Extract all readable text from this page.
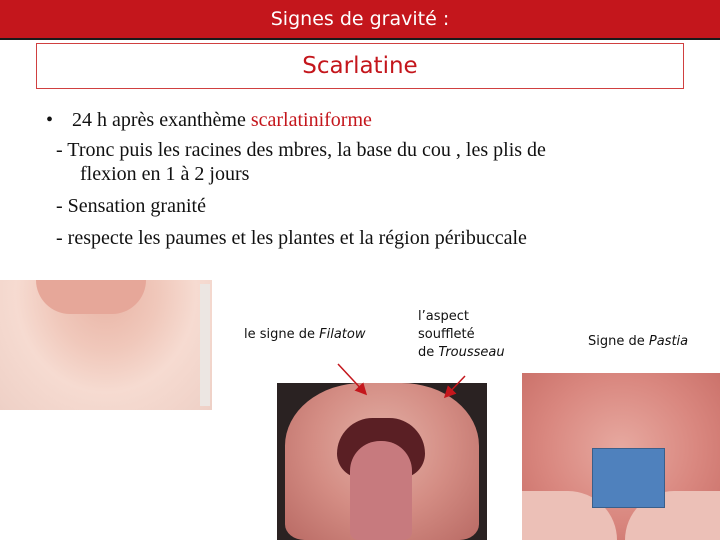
Signes de gravité :
Scarlatine
• 24 h après exanthème scarlatiniforme
- Tronc puis les racines des mbres, la base du cou , les plis de
flexion en 1 à 2 jours
- Sensation granité
- respecte les paumes et les plantes et la région péribuccale
le signe de Filatow
l’aspect
souffleté
de Trousseau
Signe de Pastia
